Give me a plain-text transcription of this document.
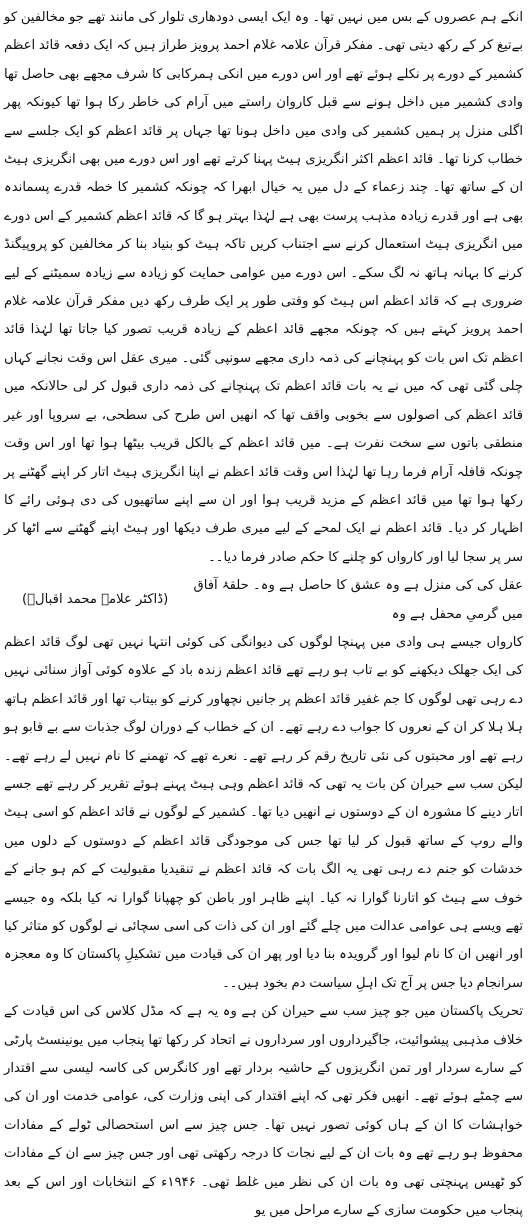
انکے ہم عصروں کے بس میں نہیں تھا۔ وہ ایک ایسی دودھاری تلوار کی مانند تھے جو مخالفین کو بےتیغ کر کے رکھ دیتی تھی۔ مفکر قرآن علامہ غلام احمد پرویز طراز ہیں کہ ایک دفعہ قائد اعظم کشمیر کے دورے پر نکلے ہوئے تھے اور اس دورے میں انکی ہمرکابی کا شرف مجھے بھی حاصل تھا وادی کشمیر میں داخل ہونے سے قبل کاروان راستے میں آرام کی خاطر رکا ہوا تھا کیونکہ پھر اگلی منزل پر ہمیں کشمیر کی وادی میں داخل ہونا تھا جہاں پر قائد اعظم کو ایک جلسے سے خطاب کرنا تھا۔ قائد اعظم اکثر انگریزی ہیٹ پہنا کرتے تھے اور اس دورے میں بھی انگریزی ہیٹ ان کے ساتھ تھا۔ چند زعماء کے دل میں یہ خیال ابھرا کہ چونکہ کشمیر کا خطہ قدرے پسماندہ بھی ہے اور قدرے زیادہ مذہب پرست بھی ہے لہٰذا بہتر ہو گا کہ قائد اعظم کشمیر کے اس دورے میں انگریزی ہیٹ استعمال کرنے سے اجتناب کریں تاکہ ہیٹ کو بنیاد بنا کر مخالفین کو پروپیگنڈ کرنے کا بہانہ ہاتھ نہ لگ سکے۔ اس دورے میں عوامی حمایت کو زیادہ سے زیادہ سمیٹنے کے لیے ضروری ہے کہ قائد اعظم اس ہیٹ کو وقتی طور پر ایک طرف رکھ دیں مفکر قرآن علامہ غلام احمد پرویز کہتے ہیں کہ چونکہ مجھے قائد اعظم کے زیادہ قریب تصور کیا جاتا تھا لہٰذا قائد اعظم تک اس بات کو پہنچانے کی ذمہ داری مجھے سونپی گئی۔ میری عقل اس وقت نجانے کہاں چلی گئی تھی کہ میں نے یہ بات قائد اعظم تک پہنچانے کی ذمہ داری قبول کر لی حالانکہ میں قائد اعظم کی اصولوں سے بخوبی واقف تھا کہ انھیں اس طرح کی سطحی، بے سروپا اور غیر منطقی باتوں سے سخت نفرت ہے۔ میں قائد اعظم کے بالکل قریب بیٹھا ہوا تھا اور اس وقت چونکہ قافلہ آرام فرما رہا تھا لہٰذا اس وقت قائد اعظم نے اپنا انگریزی ہیٹ اتار کر اپنے گھٹنے پر رکھا ہوا تھا میں قائد اعظم کے مزید قریب ہوا اور ان سے اپنے ساتھیوں کی دی ہوئی رائے کا اظہار کر دیا۔ قائد اعظم نے ایک لمحے کے لیے میری طرف دیکھا اور ہیٹ اپنے گھٹنے سے اٹھا کر سر پر سجا لیا اور کارواں کو چلنے کا حکم صادر فرما دیا۔۔

عقل کی کی منزل ہے وہ عشق کا حاصل ہے وہ۔ حلقۂ آفاق میں گرمیِ محفل ہے وہ
(ڈاکٹر علامہ محمد اقبالؒ)

کارواں جیسے ہی وادی میں پہنچا لوگوں کی دیوانگی کی کوئی انتہا نہیں تھی لوگ قائد اعظم کی ایک جھلک دیکھنے کو بے تاب ہو رہے تھے قائد اعظم زندہ باد کے علاوہ کوئی آواز سنائی نہیں دے رہی تھی لوگوں کا جم غفیر قائد اعظم پر جانیں نچھاور کرنے کو بیتاب تھا اور قائد اعظم ہاتھ ہلا ہلا کر ان کے نعروں کا جواب دے رہے تھے۔ ان کے خطاب کے دوران لوگ جذبات سے بے قابو ہو رہے تھے اور محبتوں کی نئی تاریخ رقم کر رہے تھے۔ نعرے تھے کہ تھمنے کا نام نہیں لے رہے تھے۔ لیکن سب سے حیران کن بات یہ تھی کہ قائد اعظم وہی ہیٹ پہنے ہوئے تقریر کر رہے تھے جسے اتار دینے کا مشورہ ان کے دوستوں نے انھیں دیا تھا۔ کشمیر کے لوگوں نے قائد اعظم کو اسی ہیٹ والے روپ کے ساتھ قبول کر لیا تھا جس کی موجودگی قائد اعظم کے دوستوں کے دلوں میں خدشات کو جنم دے رہی تھی یہ الگ بات کہ قائد اعظم نے تنقیدیا مقبولیت کے کم ہو جانے کے خوف سے ہیٹ کو اتارنا گوارا نہ کیا۔ اپنے ظاہر اور باطن کو چھپانا گوارا نہ کیا بلکہ وہ جیسے تھے ویسے ہی عوامی عدالت میں چلے گئے اور ان کی ذات کی اسی سچائی نے لوگوں کو متاثر کیا اور انھیں ان کا نام لیوا اور گرویدہ بنا دیا اور پھر ان کی قیادت میں تشکیلِ پاکستان کا وہ معجزہ سرانجام دیا جس پر آج تک اہلِ سیاست دم بخود ہیں۔۔

تحریک پاکستان میں جو چیز سب سے حیران کن ہے وہ یہ ہے کہ مڈل کلاس کی اس قیادت کے خلاف مذہبی پیشوائیت، جاگیرداروں اور سرداروں نے اتحاد کر رکھا تھا پنجاب میں یونینسٹ پارٹی کے سارے سردار اور تمن انگریزوں کے حاشیہ بردار تھے اور کانگرس کی کاسہ لیسی سے اقتدار سے چمٹے ہوئے تھے۔ انھیں فکر تھی کہ اپنے اقتدار کی اپنی وزارت کی، عوامی خدمت اور ان کی خواہشات کا ان کے ہاں کوئی تصور نہیں تھا۔ جس چیز سے اس استحصالی ٹولے کے مفادات محفوظ ہو رہے تھے وہ بات ان کے لیے نجات کا درجہ رکھتی تھی اور جس چیز سے ان کے مفادات کو ٹھیس پہنچتی تھی وہ بات ان کی نظر میں غلط تھی۔ ۱۹۴۶ء کے انتخابات اور اس کے بعد پنجاب میں حکومت سازی کے سارے مراحل میں یو
